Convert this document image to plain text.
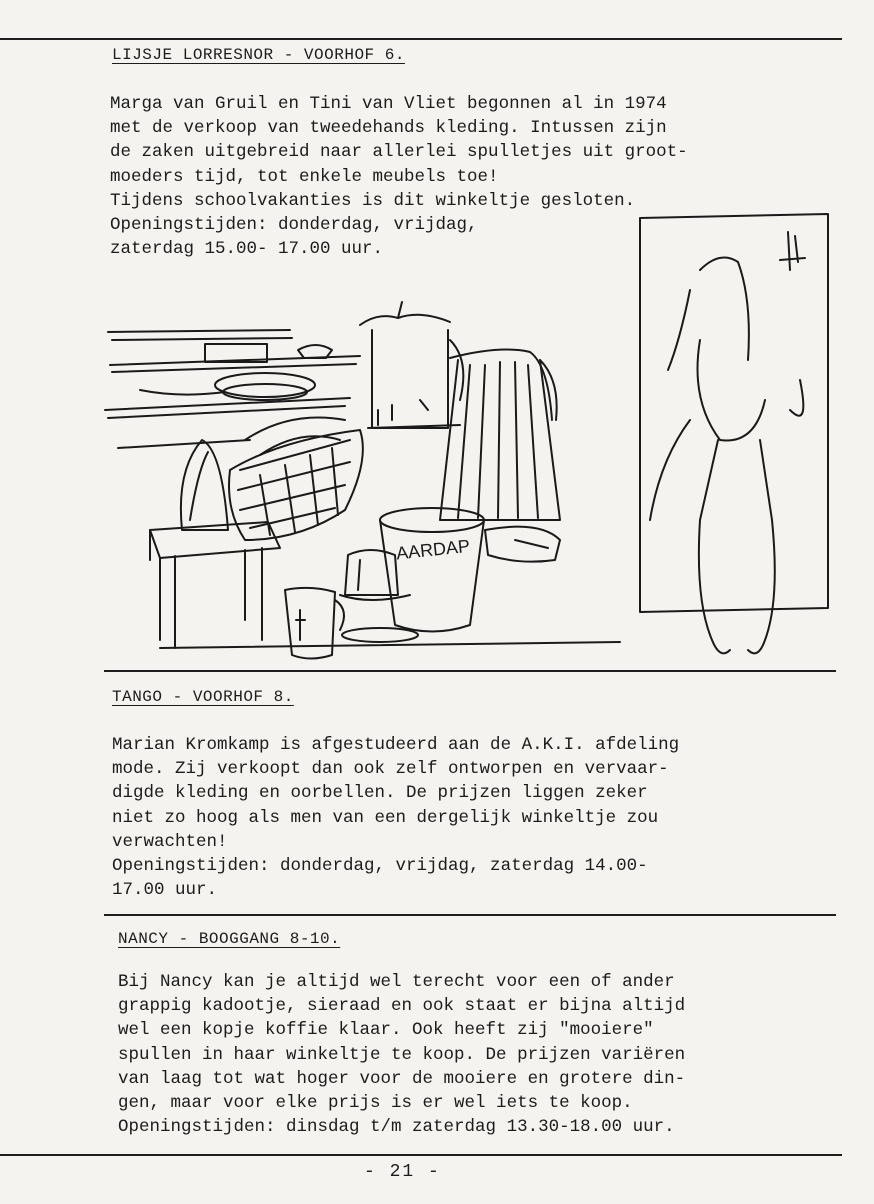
LIJSJE LORRESNOR - VOORHOF 6.
Marga van Gruil en Tini van Vliet begonnen al in 1974
met de verkoop van tweedehands kleding. Intussen zijn
de zaken uitgebreid naar allerlei spulletjes uit groot-
moeders tijd, tot enkele meubels toe!
Tijdens schoolvakanties is dit winkeltje gesloten.
Openingstijden: donderdag, vrijdag,
zaterdag 15.00- 17.00 uur.
AARDAP
TANGO - VOORHOF 8.
Marian Kromkamp is afgestudeerd aan de A.K.I. afdeling
mode. Zij verkoopt dan ook zelf ontworpen en vervaar-
digde kleding en oorbellen. De prijzen liggen zeker
niet zo hoog als men van een dergelijk winkeltje zou
verwachten!
Openingstijden: donderdag, vrijdag, zaterdag 14.00-
17.00 uur.
NANCY - BOOGGANG 8-10.
Bij Nancy kan je altijd wel terecht voor een of ander
grappig kadootje, sieraad en ook staat er bijna altijd
wel een kopje koffie klaar. Ook heeft zij "mooiere"
spullen in haar winkeltje te koop. De prijzen variëren
van laag tot wat hoger voor de mooiere en grotere din-
gen, maar voor elke prijs is er wel iets te koop.
Openingstijden: dinsdag t/m zaterdag 13.30-18.00 uur.
- 21 -
